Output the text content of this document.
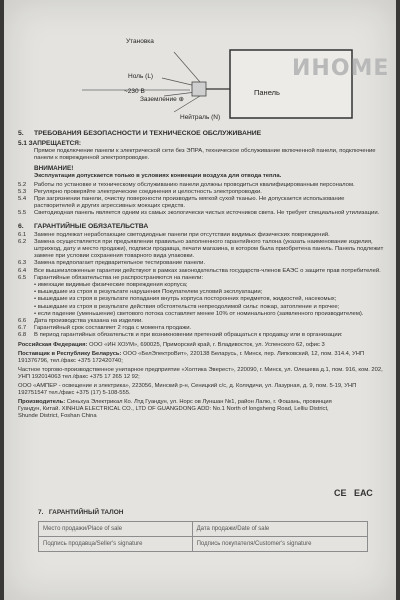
Утановка
Ноль (L)
~230 В
Заземление ⊕
Нейтраль (N)
Панель
ИНОМЕ
5. ТРЕБОВАНИЯ БЕЗОПАСНОСТИ И ТЕХНИЧЕСКОЕ ОБСЛУЖИВАНИЕ
5.1 ЗАПРЕЩАЕТСЯ:

Прямое подключение панели к электрической сети без ЭПРА, техническое обслуживание включенной панели, подключение панели к поврежденной электропроводке.

ВНИМАНИЕ!

Эксплуатация допускается только в условиях конвекции воздуха для отвода тепла.

5.2	Работы по установке и техническому обслуживанию панели должны проводиться квалифицированным персоналом.
5.3	Регулярно проверяйте электрические соединения и целостность электропроводки.
5.4	При загрязнении панели, очистку поверхности производить мягкой сухой тканью. Не допускается использование растворителей и других агрессивных моющих средств.
5.5	Светодиодная панель является одним из самых экологически чистых источников света. Не требует специальной утилизации.
6. ГАРАНТИЙНЫЕ ОБЯЗАТЕЛЬСТВА
6.1	Замене подлежат неработающие светодиодные панели при отсутствии видимых физических повреждений.
6.2	Замена осуществляется при предъявлении правильно заполненного гарантийного талона (указать наименование изделия, штрихкод, дату и место продажи), подписи продавца, печати магазина, в котором была приобретена панель. Панель подлежит замене при условии сохранения товарного вида упаковки.
6.3	Замена предполагает предварительное тестирование панели.
6.4	Все вышеизложенные гарантии действуют в рамках законодательства государств-членов ЕАЭС о защите прав потребителей.
6.5	Гарантийные обязательства не распространяются на панели:
• имеющие видимые физические повреждения корпуса;
• вышедшие из строя в результате нарушения Покупателем условий эксплуатации;
• вышедшие из строя в результате попадания внутрь корпуса посторонних предметов, жидкостей, насекомых;
• вышедшие из строя в результате действия обстоятельств непреодолимой силы: пожар, затопление и прочее;
• если падение (уменьшение) светового потока составляет менее 10% от номинального (заявленного производителем).
6.6	Дата производства указана на изделии.
6.7	Гарантийный срок составляет 2 года с момента продажи.
6.8	В период гарантийных обязательств и при возникновении претензий обращаться к продавцу или в организации:

Российская Федерация: ООО «ИН ХОУМ», 690025, Приморский край, г. Владивосток, ул. Успенского 62, офис 3

Поставщик в Республику Беларусь: ООО «БелЭлектроВит», 220138 Беларусь, г. Минск, пер. Липковский, 12, пом. 314.4, УНП 191376796, тел./факс +375 172420740;

Частное торгово-производственное унитарное предприятие «Холтика Эверест», 220090, г. Минск, ул. Олешева д.1, пом. 916, ком. 202, УНП 192014063 тел./факс +375 17 265 12 92;

ООО «АМПЕР - освещение и электрика», 223056, Минский р-н, Сеницкий с/с, д. Колядичи, ул. Лазурная, д. 9, пом. 5-19, УНП 192751547 тел./факс +375 (17) 5-108-555.

Производитель: Синьхуа Электрикал Ко. Лтд Гуандун, ул. Норс ов Луншан №1, район Лалю, г. Фошань, провинция Гуандун, Китай. XINHUA ELECTRICAL CO., LTD OF GUANGDONG ADD: No.1 North of longsheng Road, Lelliu District, Shunde District, Foshan China

CE ЕАС
7. ГАРАНТИЙНЫЙ ТАЛОН
Место продажи/Place of sale	Дата продажи/Date of sale
Подпись продавца/Seller's signature	Подпись покупателя/Customer's signature
